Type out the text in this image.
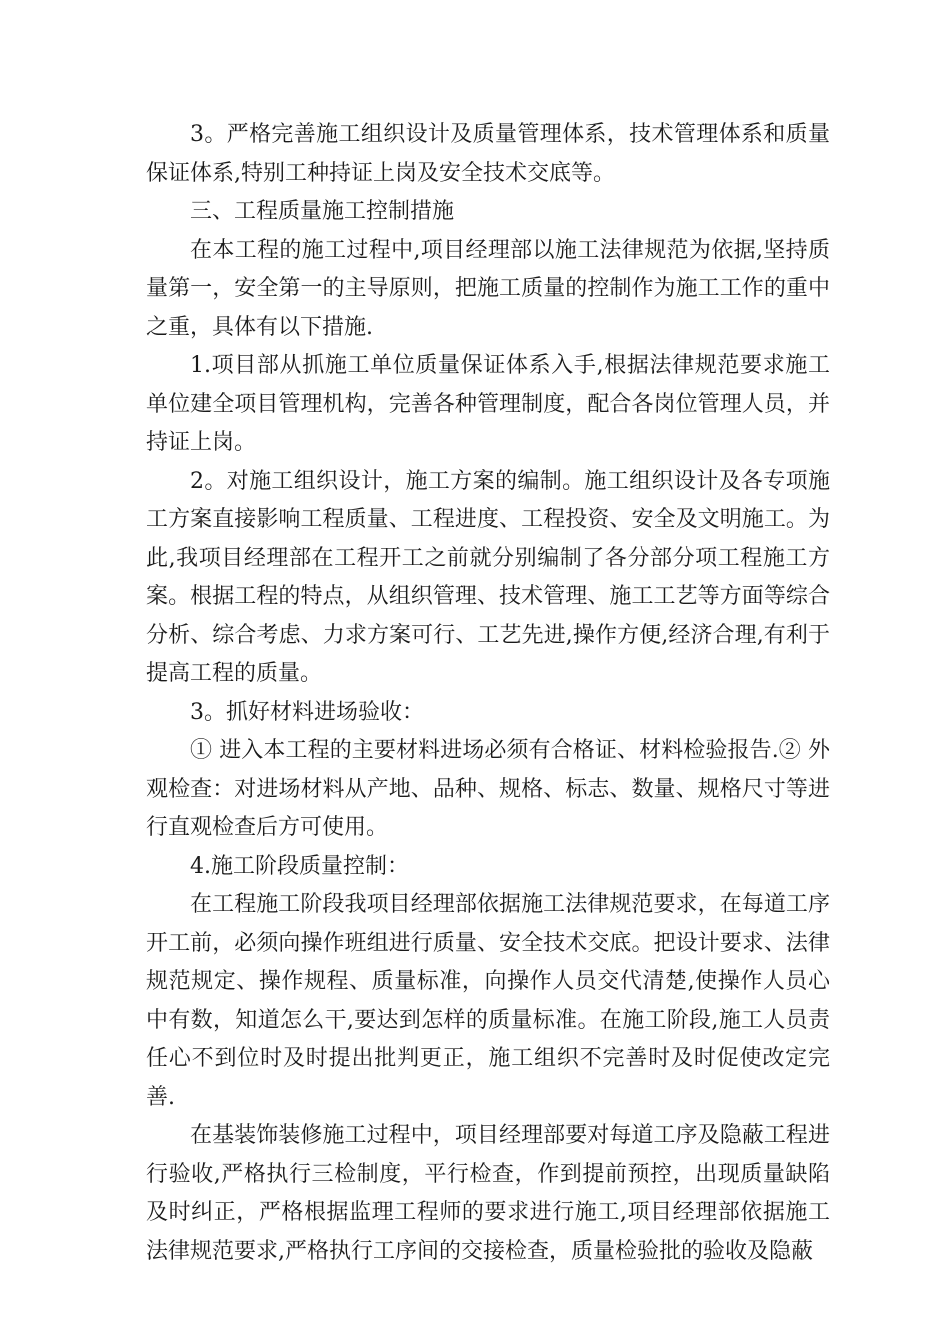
3。严格完善施工组织设计及质量管理体系，技术管理体系和质量保证体系,特别工种持证上岗及安全技术交底等。

三、工程质量施工控制措施

在本工程的施工过程中,项目经理部以施工法律规范为依据,坚持质量第一，安全第一的主导原则，把施工质量的控制作为施工工作的重中之重，具体有以下措施.

1.项目部从抓施工单位质量保证体系入手,根据法律规范要求施工单位建全项目管理机构，完善各种管理制度，配合各岗位管理人员，并持证上岗。

2。对施工组织设计，施工方案的编制。施工组织设计及各专项施工方案直接影响工程质量、工程进度、工程投资、安全及文明施工。为此,我项目经理部在工程开工之前就分别编制了各分部分项工程施工方案。根据工程的特点，从组织管理、技术管理、施工工艺等方面等综合分析、综合考虑、力求方案可行、工艺先进,操作方便,经济合理,有利于提高工程的质量。

3。抓好材料进场验收：

① 进入本工程的主要材料进场必须有合格证、材料检验报告.② 外观检查：对进场材料从产地、品种、规格、标志、数量、规格尺寸等进行直观检查后方可使用。

4.施工阶段质量控制：

在工程施工阶段我项目经理部依据施工法律规范要求，在每道工序开工前，必须向操作班组进行质量、安全技术交底。把设计要求、法律规范规定、操作规程、质量标准，向操作人员交代清楚,使操作人员心中有数，知道怎么干,要达到怎样的质量标准。在施工阶段,施工人员责任心不到位时及时提出批判更正，施工组织不完善时及时促使改定完善.

在基装饰装修施工过程中，项目经理部要对每道工序及隐蔽工程进行验收,严格执行三检制度，平行检查，作到提前预控，出现质量缺陷及时纠正，严格根据监理工程师的要求进行施工,项目经理部依据施工法律规范要求,严格执行工序间的交接检查，质量检验批的验收及隐蔽
